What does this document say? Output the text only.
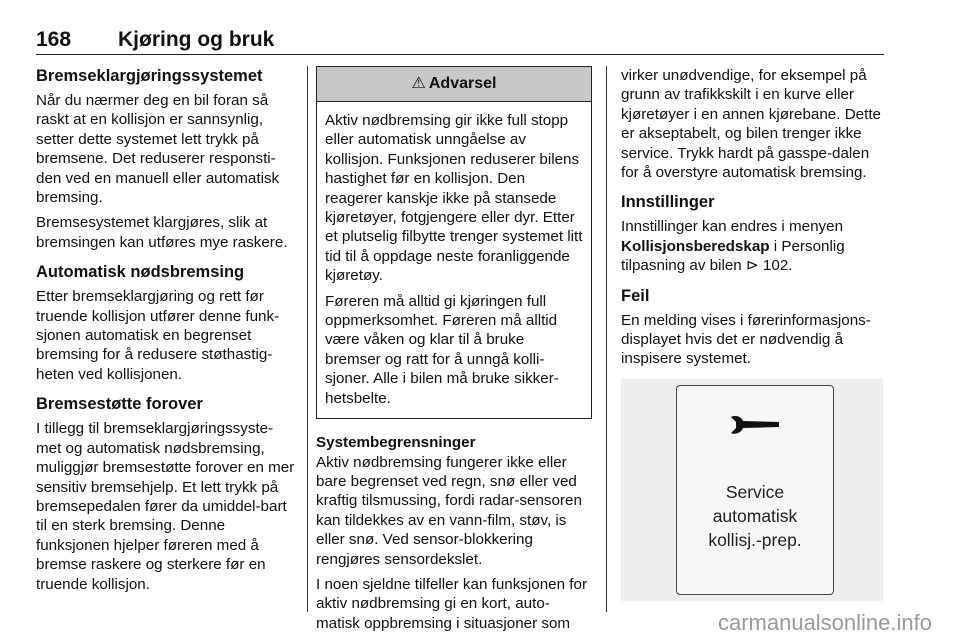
168 Kjøring og bruk
Bremseklargjøringssystemet

Når du nærmer deg en bil foran så raskt at en kollisjon er sannsynlig, setter dette systemet lett trykk på bremsene. Det reduserer responsti-den ved en manuell eller automatisk bremsing.

Bremsesystemet klargjøres, slik at bremsingen kan utføres mye raskere.

Automatisk nødsbremsing

Etter bremseklargjøring og rett før truende kollisjon utfører denne funk-sjonen automatisk en begrenset bremsing for å redusere støthastig-heten ved kollisjonen.

Bremsestøtte forover

I tillegg til bremseklargjøringssyste-met og automatisk nødsbremsing, muliggjør bremsestøtte forover en mer sensitiv bremsehjelp. Et lett trykk på bremsepedalen fører da umiddel-bart til en sterk bremsing. Denne funksjonen hjelper føreren med å bremse raskere og sterkere før en truende kollisjon.

⚠ Advarsel

Aktiv nødbremsing gir ikke full stopp eller automatisk unngåelse av kollisjon. Funksjonen reduserer bilens hastighet før en kollisjon. Den reagerer kanskje ikke på stansede kjøretøyer, fotgjengere eller dyr. Etter et plutselig filbytte trenger systemet litt tid til å oppdage neste foranliggende kjøretøy.

Føreren må alltid gi kjøringen full oppmerksomhet. Føreren må alltid være våken og klar til å bruke bremser og ratt for å unngå kolli-sjoner. Alle i bilen må bruke sikker-hetsbelte.

Systembegrensninger

Aktiv nødbremsing fungerer ikke eller bare begrenset ved regn, snø eller ved kraftig tilsmussing, fordi radar-sensoren kan tildekkes av en vann-film, støv, is eller snø. Ved sensor-blokkering rengjøres sensordekslet.

I noen sjeldne tilfeller kan funksjonen for aktiv nødbremsing gi en kort, auto-matisk oppbremsing i situasjoner som

virker unødvendige, for eksempel på grunn av trafikkskilt i en kurve eller kjøretøyer i en annen kjørebane. Dette er akseptabelt, og bilen trenger ikke service. Trykk hardt på gasspe-dalen for å overstyre automatisk bremsing.

Innstillinger

Innstillinger kan endres i menyen
Kollisjonsberedskap i Personlig tilpasning av bilen ⊳ 102.

Feil

En melding vises i førerinformasjons-displayet hvis det er nødvendig å inspisere systemet.

Service
automatisk
kollisj.-prep.
carmanualsonline.info
